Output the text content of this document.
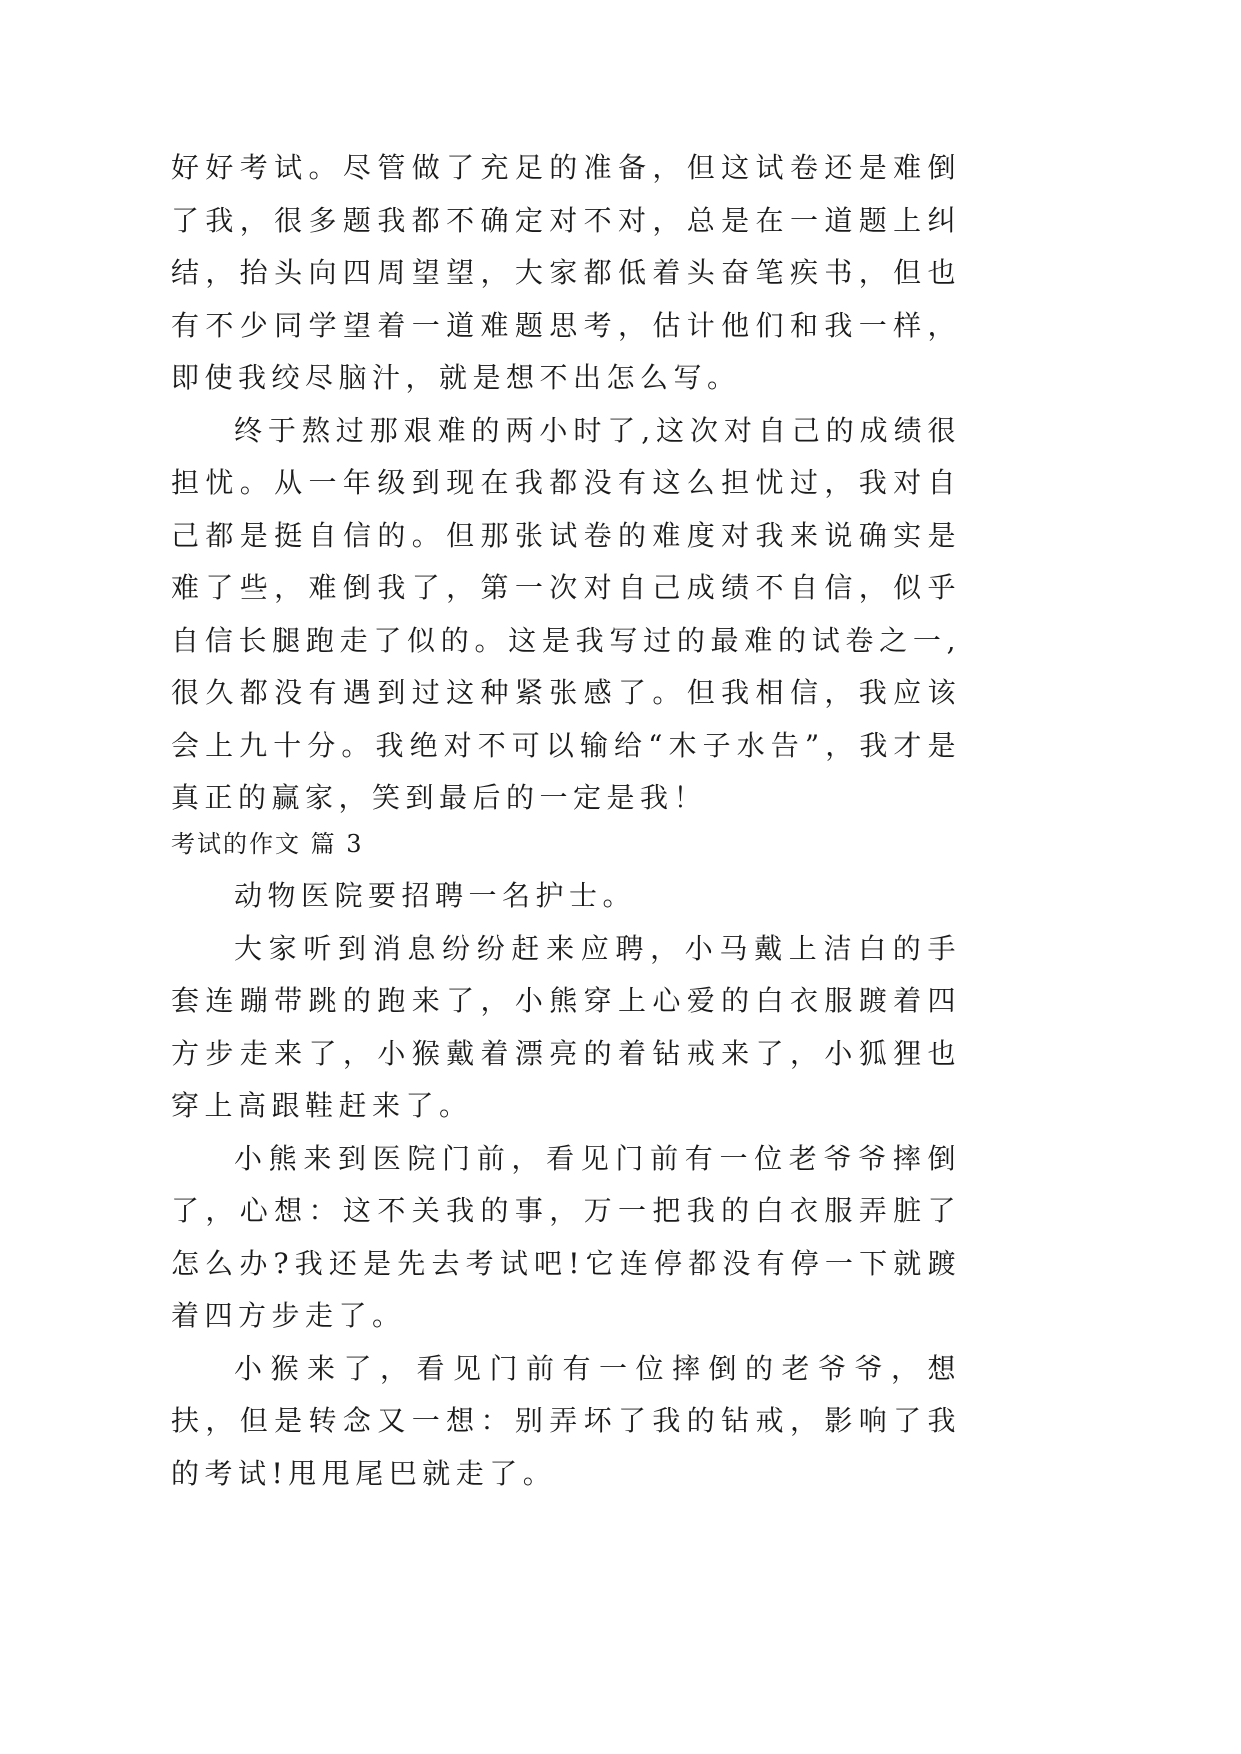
好好考试。尽管做了充足的准备，但这试卷还是难倒了我，很多题我都不确定对不对，总是在一道题上纠结，抬头向四周望望，大家都低着头奋笔疾书，但也有不少同学望着一道难题思考，估计他们和我一样，即使我绞尽脑汁，就是想不出怎么写。

终于熬过那艰难的两小时了,这次对自己的成绩很担忧。从一年级到现在我都没有这么担忧过，我对自己都是挺自信的。但那张试卷的难度对我来说确实是难了些，难倒我了，第一次对自己成绩不自信，似乎自信长腿跑走了似的。这是我写过的最难的试卷之一,很久都没有遇到过这种紧张感了。但我相信，我应该会上九十分。我绝对不可以输给“木子水告”，我才是真正的赢家，笑到最后的一定是我！

考试的作文 篇 3

动物医院要招聘一名护士。

大家听到消息纷纷赶来应聘，小马戴上洁白的手套连蹦带跳的跑来了，小熊穿上心爱的白衣服踱着四方步走来了，小猴戴着漂亮的着钻戒来了，小狐狸也穿上高跟鞋赶来了。

小熊来到医院门前，看见门前有一位老爷爷摔倒了，心想：这不关我的事，万一把我的白衣服弄脏了怎么办?我还是先去考试吧!它连停都没有停一下就踱着四方步走了。

小猴来了，看见门前有一位摔倒的老爷爷，想扶，但是转念又一想：别弄坏了我的钻戒，影响了我的考试!甩甩尾巴就走了。
